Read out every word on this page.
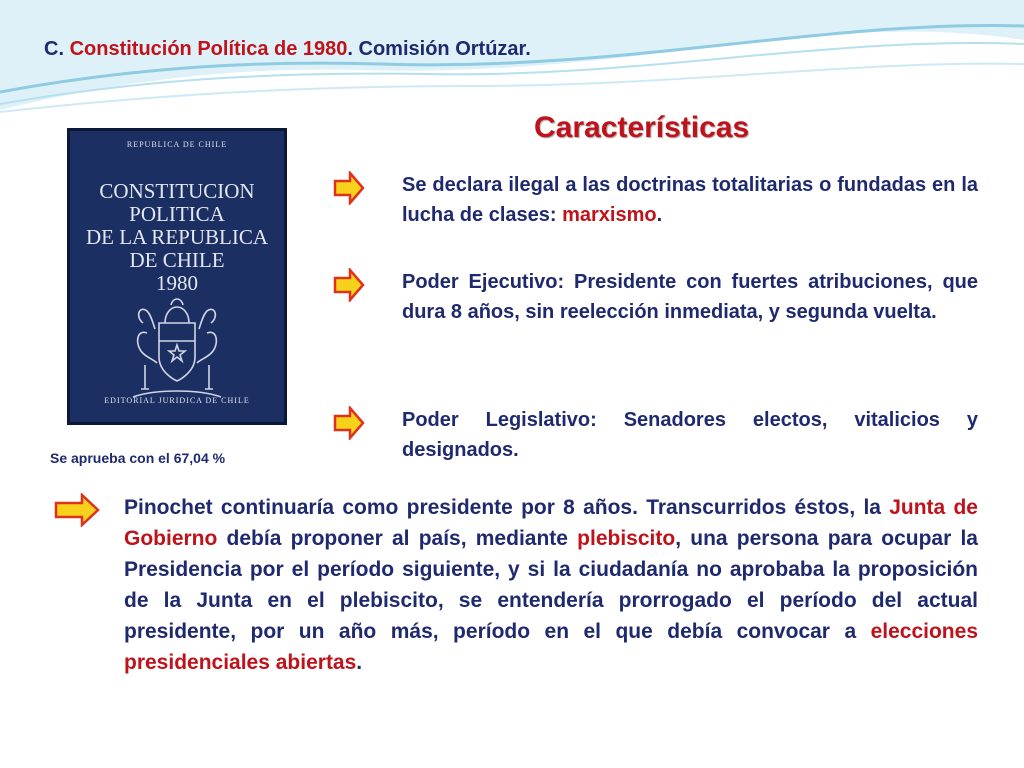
C. Constitución Política de 1980. Comisión Ortúzar.
REPUBLICA DE CHILE
CONSTITUCION
POLITICA
DE LA REPUBLICA
DE CHILE
1980
EDITORIAL JURIDICA DE CHILE
Se aprueba con el 67,04 %
Características
Se declara ilegal a las doctrinas totalitarias o fundadas en la lucha de clases: marxismo.
Poder Ejecutivo: Presidente con fuertes atribuciones, que dura 8 años, sin reelección inmediata, y segunda vuelta.
Poder Legislativo: Senadores electos, vitalicios y designados.
Pinochet continuaría como presidente por 8 años. Transcurridos éstos, la Junta de Gobierno debía proponer al país, mediante plebiscito, una persona para ocupar la Presidencia por el período siguiente, y si la ciudadanía no aprobaba la proposición de la Junta en el plebiscito, se entendería prorrogado el período del actual presidente, por un año más, período en el que debía convocar a elecciones presidenciales abiertas.
